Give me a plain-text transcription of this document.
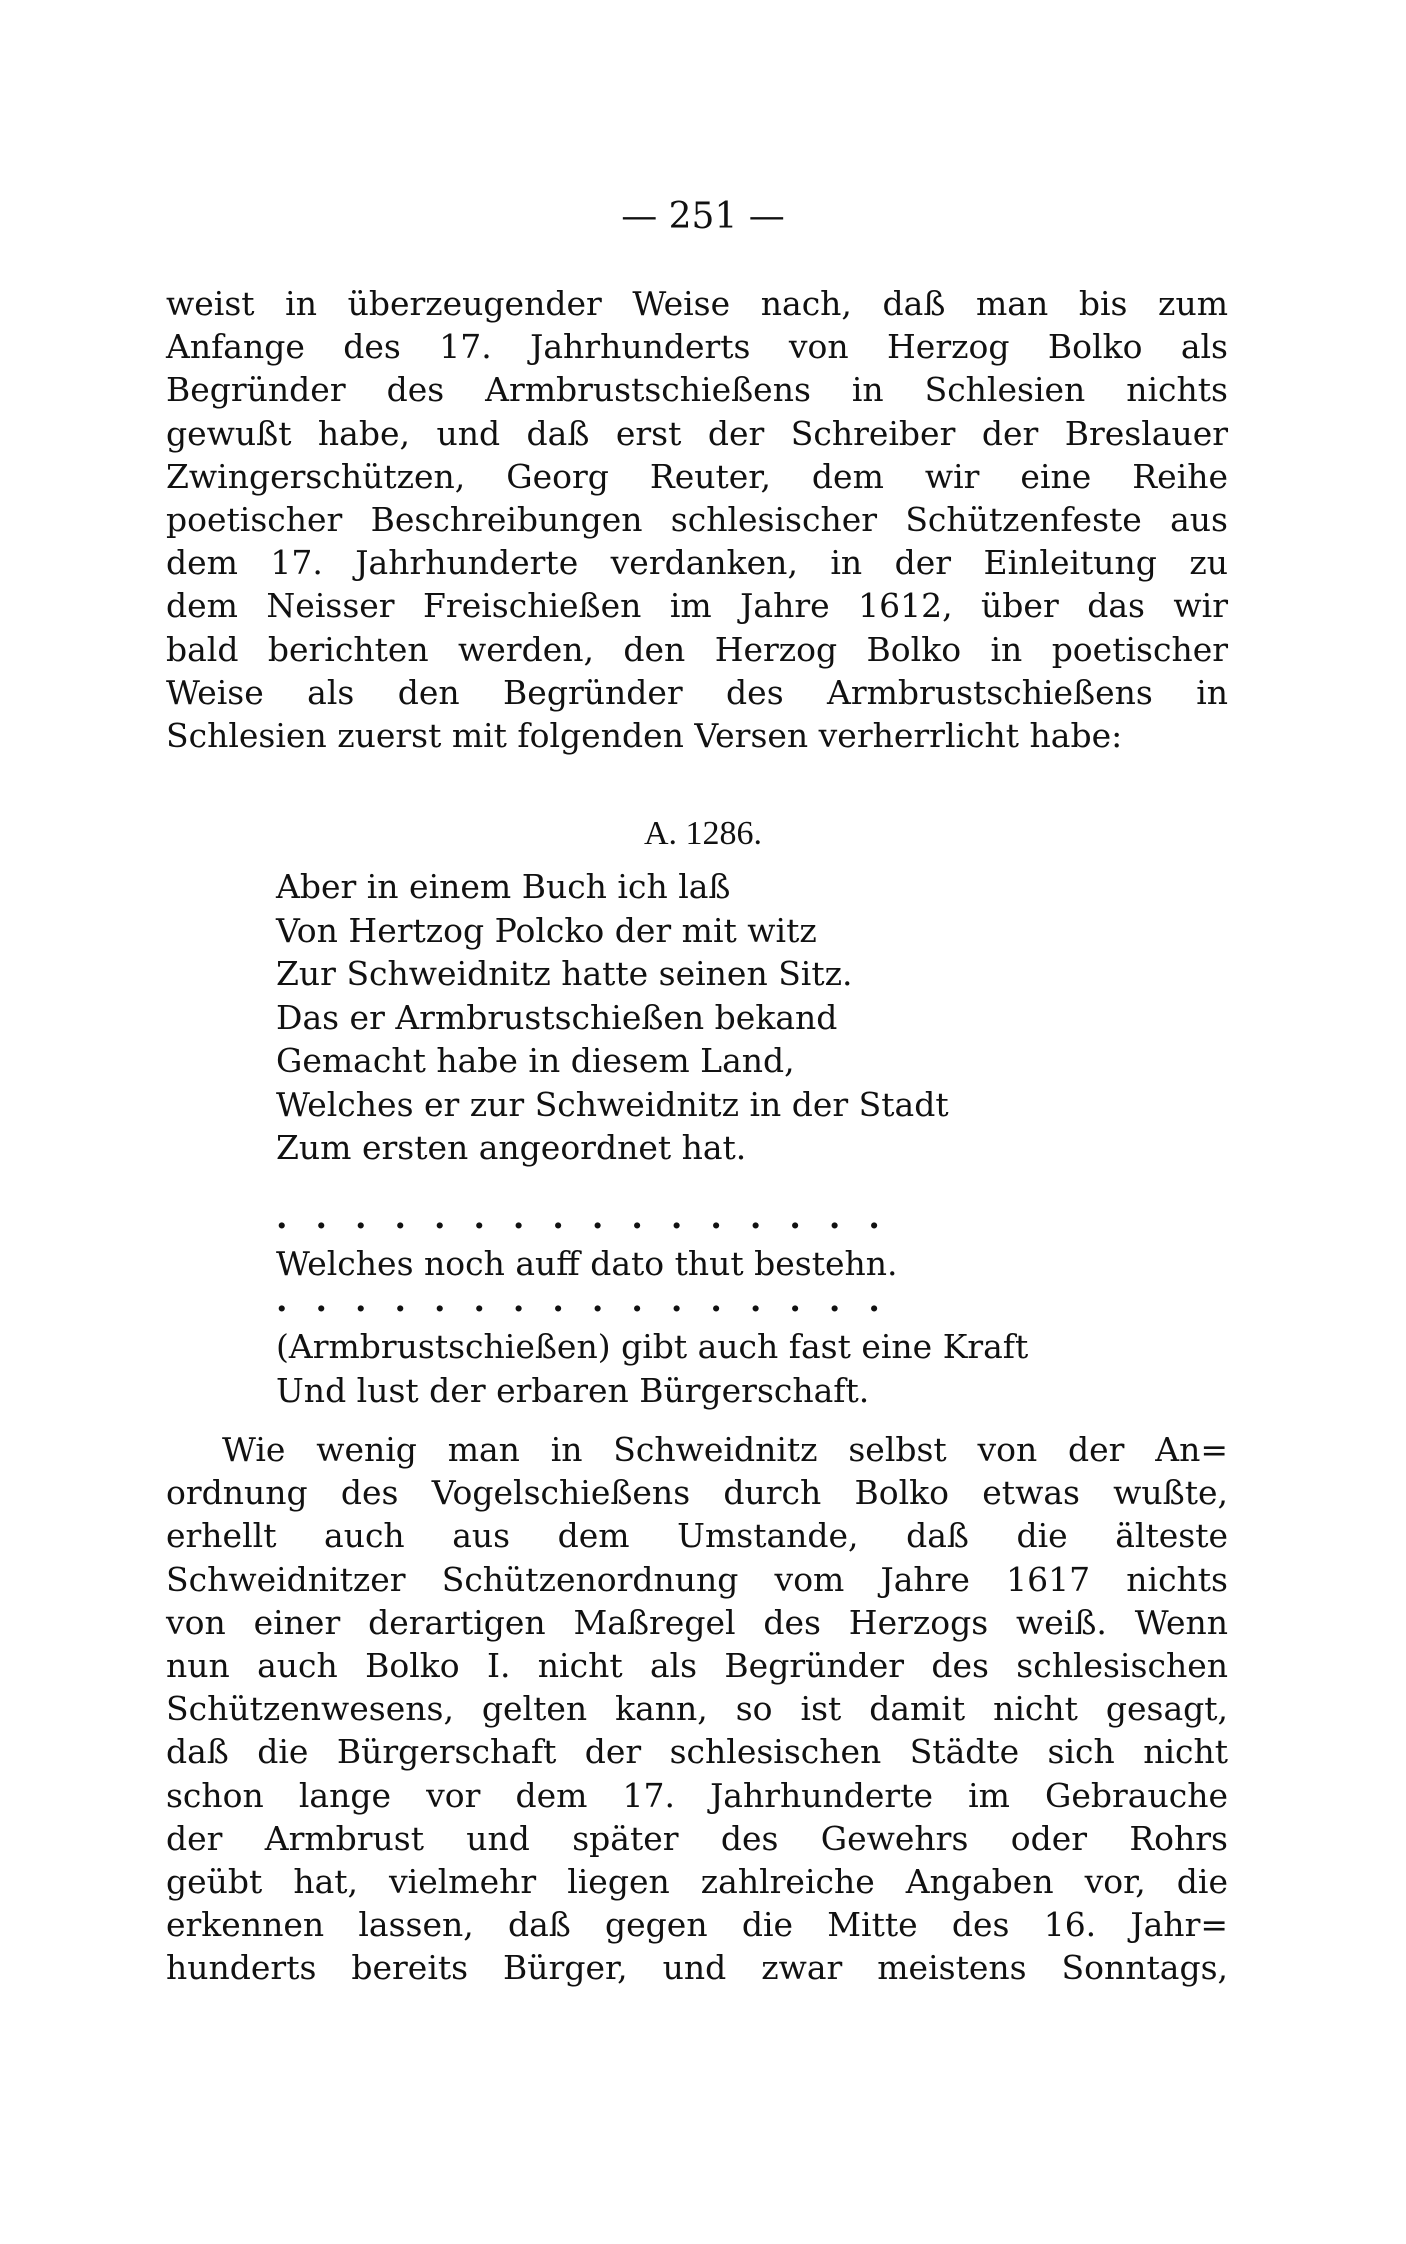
— 251 —
weist in überzeugender Weise nach, daß man bis zum
Anfange des 17. Jahrhunderts von Herzog Bolko als
Begründer des Armbrustschießens in Schlesien nichts
gewußt habe, und daß erst der Schreiber der Breslauer
Zwingerschützen, Georg Reuter, dem wir eine Reihe
poetischer Beschreibungen schlesischer Schützenfeste aus
dem 17. Jahrhunderte verdanken, in der Einleitung zu
dem Neisser Freischießen im Jahre 1612, über das wir
bald berichten werden, den Herzog Bolko in poetischer
Weise als den Begründer des Armbrustschießens in
Schlesien zuerst mit folgenden Versen verherrlicht habe:
A. 1286.
Aber in einem Buch ich laß
Von Hertzog Polcko der mit witz
Zur Schweidnitz hatte seinen Sitz.
Das er Armbrustschießen bekand
Gemacht habe in diesem Land,
Welches er zur Schweidnitz in der Stadt
Zum ersten angeordnet hat.
................
Welches noch auff dato thut bestehn.
................
(Armbrustschießen) gibt auch fast eine Kraft
Und lust der erbaren Bürgerschaft.
Wie wenig man in Schweidnitz selbst von der An=
ordnung des Vogelschießens durch Bolko etwas wußte,
erhellt auch aus dem Umstande, daß die älteste
Schweidnitzer Schützenordnung vom Jahre 1617 nichts
von einer derartigen Maßregel des Herzogs weiß. Wenn
nun auch Bolko I. nicht als Begründer des schlesischen
Schützenwesens, gelten kann, so ist damit nicht gesagt,
daß die Bürgerschaft der schlesischen Städte sich nicht
schon lange vor dem 17. Jahrhunderte im Gebrauche
der Armbrust und später des Gewehrs oder Rohrs
geübt hat, vielmehr liegen zahlreiche Angaben vor, die
erkennen lassen, daß gegen die Mitte des 16. Jahr=
hunderts bereits Bürger, und zwar meistens Sonntags,
